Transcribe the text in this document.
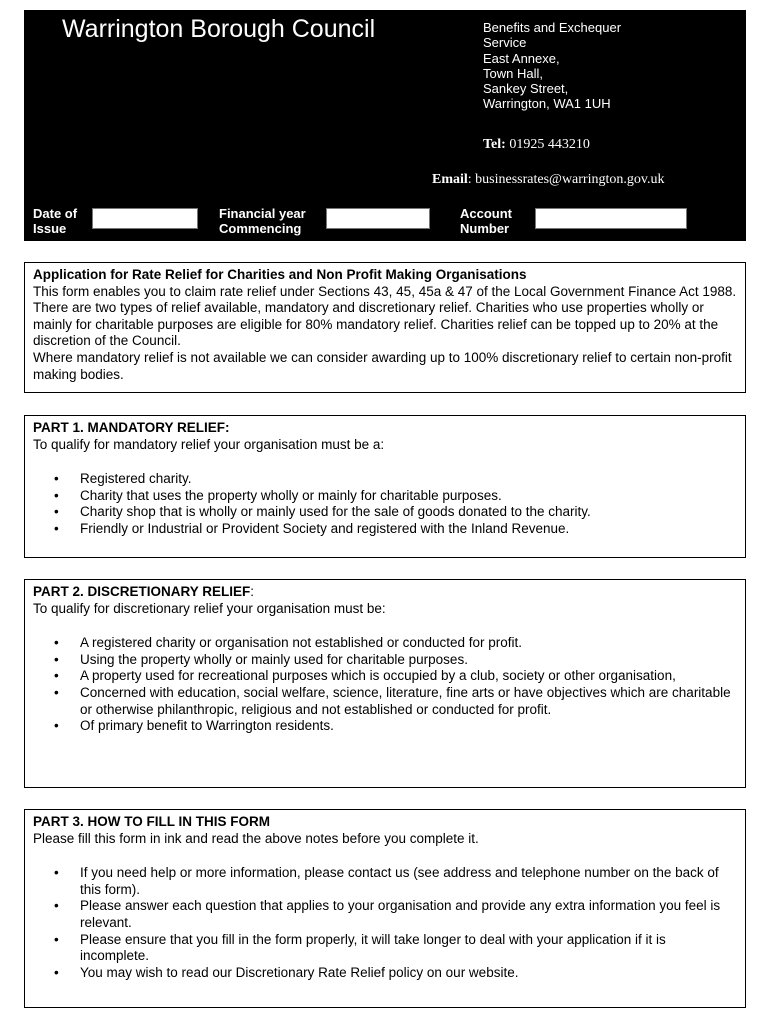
Warrington Borough Council	Benefits and Exchequer
Service
East Annexe,
Town Hall,
Sankey Street,
Warrington, WA1 1UH
Tel: 01925 443210
Email: businessrates@warrington.gov.uk
Date of
Issue
Financial year
Commencing
Account
Number

Application for Rate Relief for Charities and Non Profit Making Organisations

This form enables you to claim rate relief under Sections 43, 45, 45a & 47 of the Local Government Finance Act 1988. There are two types of relief available, mandatory and discretionary relief. Charities who use properties wholly or mainly for charitable purposes are eligible for 80% mandatory relief. Charities relief can be topped up to 20% at the discretion of the Council.

Where mandatory relief is not available we can consider awarding up to 100% discretionary relief to certain non-profit making bodies.

PART 1. MANDATORY RELIEF:

To qualify for mandatory relief your organisation must be a:

• Registered charity.
• Charity that uses the property wholly or mainly for charitable purposes.
• Charity shop that is wholly or mainly used for the sale of goods donated to the charity.
• Friendly or Industrial or Provident Society and registered with the Inland Revenue.

PART 2. DISCRETIONARY RELIEF:

To qualify for discretionary relief your organisation must be:

• A registered charity or organisation not established or conducted for profit.
• Using the property wholly or mainly used for charitable purposes.
• A property used for recreational purposes which is occupied by a club, society or other organisation,
• Concerned with education, social welfare, science, literature, fine arts or have objectives which are charitable or otherwise philanthropic, religious and not established or conducted for profit.
• Of primary benefit to Warrington residents.

PART 3. HOW TO FILL IN THIS FORM

Please fill this form in ink and read the above notes before you complete it.

• If you need help or more information, please contact us (see address and telephone number on the back of this form).
• Please answer each question that applies to your organisation and provide any extra information you feel is relevant.
• Please ensure that you fill in the form properly, it will take longer to deal with your application if it is incomplete.
• You may wish to read our Discretionary Rate Relief policy on our website.
